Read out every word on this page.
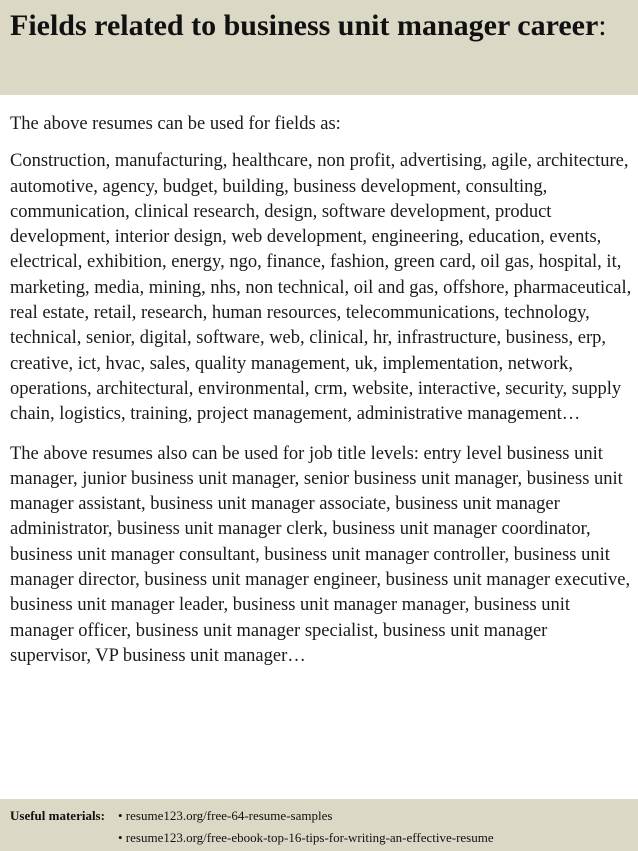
Fields related to business unit manager career:

The above resumes can be used for fields as:

Construction, manufacturing, healthcare, non profit, advertising, agile, architecture, automotive, agency, budget, building, business development, consulting, communication, clinical research, design, software development, product development, interior design, web development, engineering, education, events, electrical, exhibition, energy, ngo, finance, fashion, green card, oil gas, hospital, it, marketing, media, mining, nhs, non technical, oil and gas, offshore, pharmaceutical, real estate, retail, research, human resources, telecommunications, technology, technical, senior, digital, software, web, clinical, hr, infrastructure, business, erp, creative, ict, hvac, sales, quality management, uk, implementation, network, operations, architectural, environmental, crm, website, interactive, security, supply chain, logistics, training, project management, administrative management…

The above resumes also can be used for job title levels: entry level business unit manager, junior business unit manager, senior business unit manager, business unit manager assistant, business unit manager associate, business unit manager administrator, business unit manager clerk, business unit manager coordinator, business unit manager consultant, business unit manager controller, business unit manager director, business unit manager engineer, business unit manager executive, business unit manager leader, business unit manager manager, business unit manager officer, business unit manager specialist, business unit manager supervisor, VP business unit manager…

Useful materials: • resume123.org/free-64-resume-samples
• resume123.org/free-ebook-top-16-tips-for-writing-an-effective-resume
